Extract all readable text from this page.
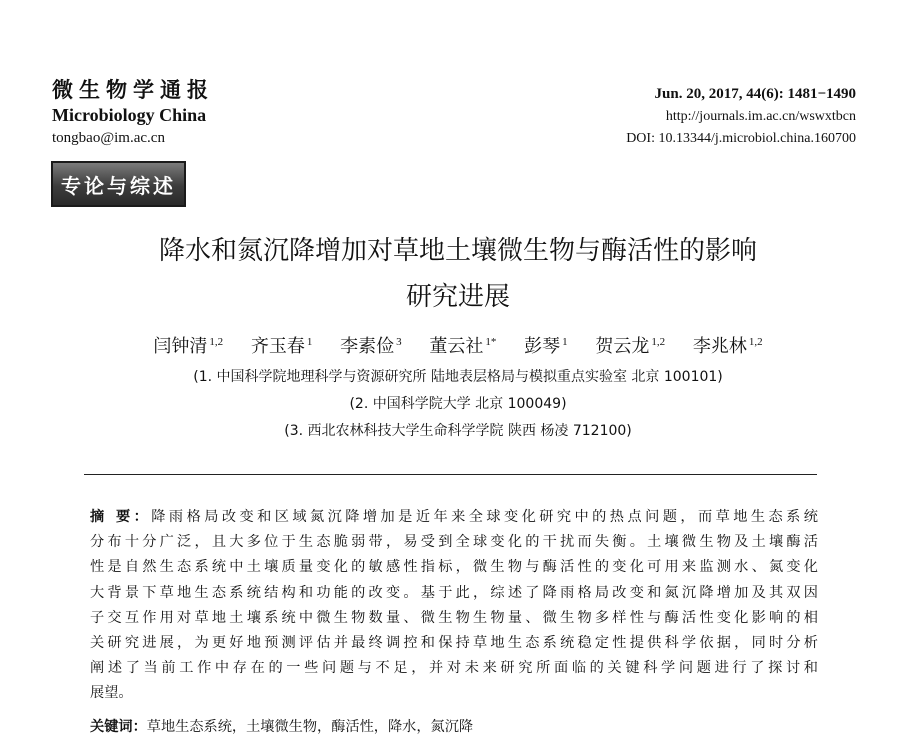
微生物学通报
Microbiology China
tongbao@im.ac.cn
Jun. 20, 2017, 44(6): 1481−1490
http://journals.im.ac.cn/wswxtbcn
DOI: 10.13344/j.microbiol.china.160700
专论与综述
降水和氮沉降增加对草地土壤微生物与酶活性的影响
研究进展
闫钟清 $^{1,2}$ 齐玉春 $^1$ 李素俭 $^3$ 董云社 $^{1*}$ 彭琴 $^1$ 贺云龙 $^{1,2}$ 李兆林 $^{1,2}$
(1. 中国科学院地理科学与资源研究所 陆地表层格局与模拟重点实验室 北京 100101)
(2. 中国科学院大学 北京 100049)
(3. 西北农林科技大学生命科学学院 陕西 杨凌 712100)
摘 要：降雨格局改变和区域氮沉降增加是近年来全球变化研究中的热点问题，而草地生态系统
分布十分广泛，且大多位于生态脆弱带，易受到全球变化的干扰而失衡。土壤微生物及土壤酶活
性是自然生态系统中土壤质量变化的敏感性指标，微生物与酶活性的变化可用来监测水、氮变化
大背景下草地生态系统结构和功能的改变。基于此，综述了降雨格局改变和氮沉降增加及其双因
子交互作用对草地土壤系统中微生物数量、微生物生物量、微生物多样性与酶活性变化影响的相
关研究进展，为更好地预测评估并最终调控和保持草地生态系统稳定性提供科学依据，同时分析
阐述了当前工作中存在的一些问题与不足，并对未来研究所面临的关键科学问题进行了探讨和
展望。
关键词：草地生态系统，土壤微生物，酶活性，降水，氮沉降
